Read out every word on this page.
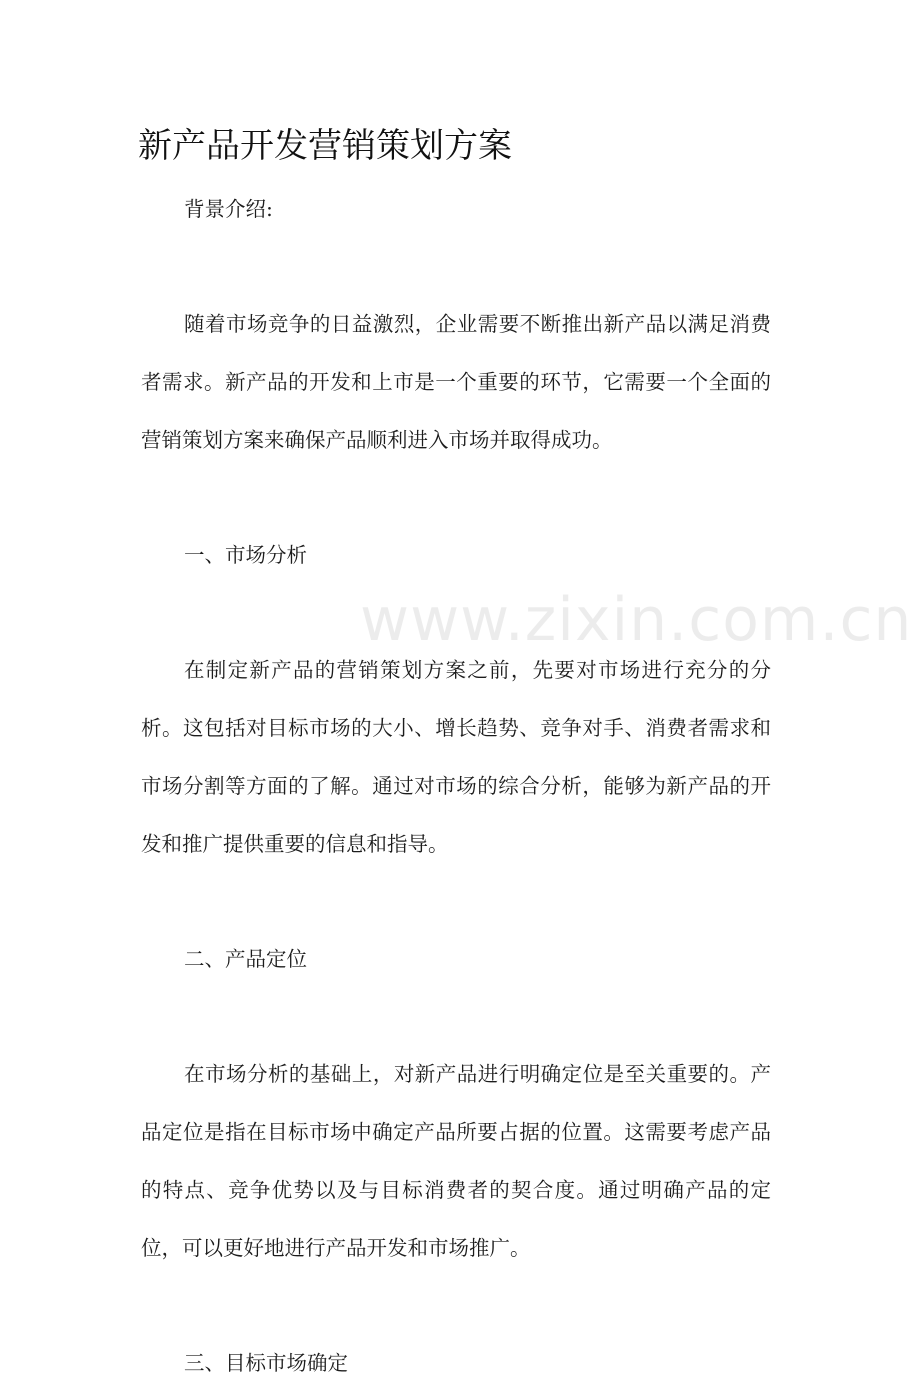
新产品开发营销策划方案
www.zixin.com.cn

背景介绍:

随着市场竞争的日益激烈，企业需要不断推出新产品以满足消费者需求。新产品的开发和上市是一个重要的环节，它需要一个全面的营销策划方案来确保产品顺利进入市场并取得成功。

一、市场分析

在制定新产品的营销策划方案之前，先要对市场进行充分的分析。这包括对目标市场的大小、增长趋势、竞争对手、消费者需求和市场分割等方面的了解。通过对市场的综合分析，能够为新产品的开发和推广提供重要的信息和指导。

二、产品定位

在市场分析的基础上，对新产品进行明确定位是至关重要的。产品定位是指在目标市场中确定产品所要占据的位置。这需要考虑产品的特点、竞争优势以及与目标消费者的契合度。通过明确产品的定位，可以更好地进行产品开发和市场推广。

三、目标市场确定
